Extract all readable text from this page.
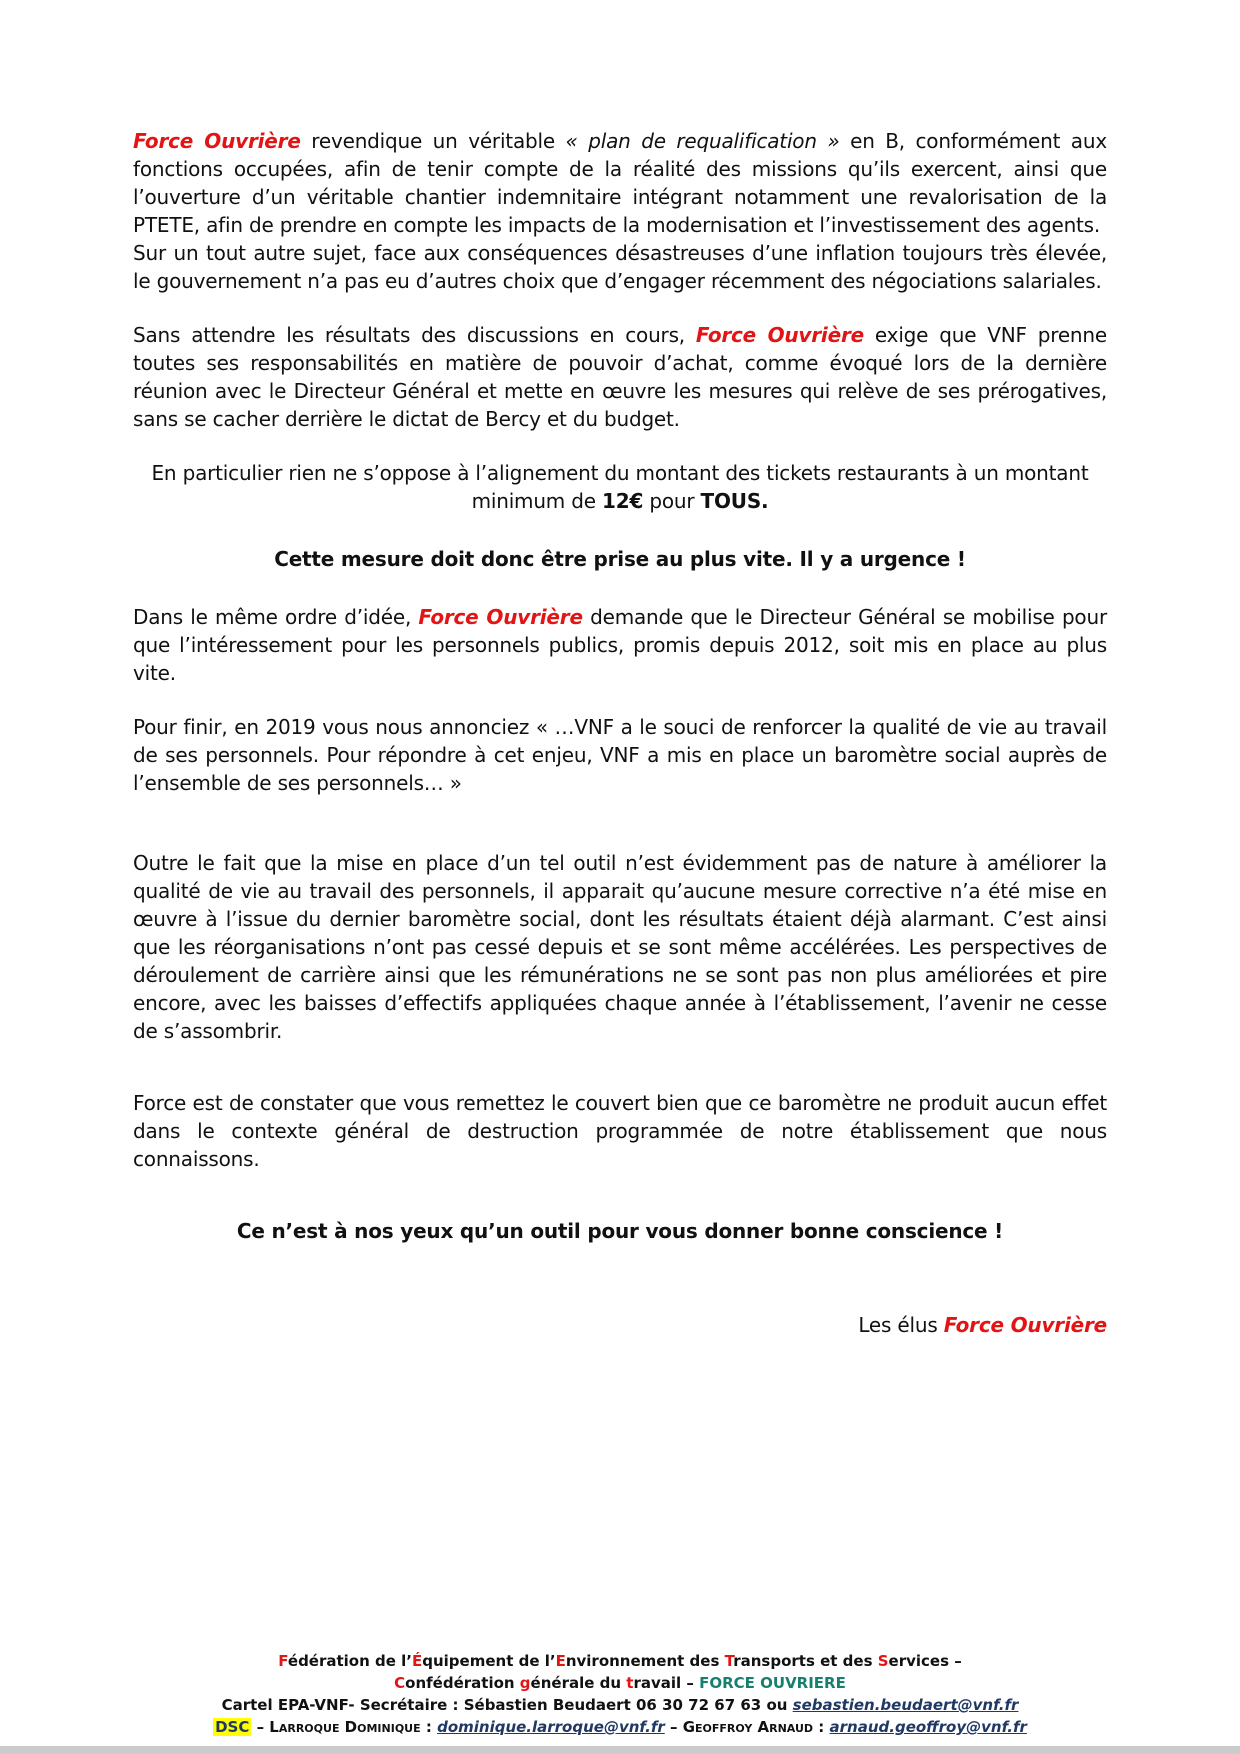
Force Ouvrière revendique un véritable « plan de requalification » en B, conformément aux fonctions occupées, afin de tenir compte de la réalité des missions qu’ils exercent, ainsi que l’ouverture d’un véritable chantier indemnitaire intégrant notamment une revalorisation de la PTETE, afin de prendre en compte les impacts de la modernisation et l’investissement des agents.

Sur un tout autre sujet, face aux conséquences désastreuses d’une inflation toujours très élevée, le gouvernement n’a pas eu d’autres choix que d’engager récemment des négociations salariales.

Sans attendre les résultats des discussions en cours, Force Ouvrière exige que VNF prenne toutes ses responsabilités en matière de pouvoir d’achat, comme évoqué lors de la dernière réunion avec le Directeur Général et mette en œuvre les mesures qui relève de ses prérogatives, sans se cacher derrière le dictat de Bercy et du budget.

En particulier rien ne s’oppose à l’alignement du montant des tickets restaurants à un montant minimum de 12€ pour TOUS.

Cette mesure doit donc être prise au plus vite. Il y a urgence !

Dans le même ordre d’idée, Force Ouvrière demande que le Directeur Général se mobilise pour que l’intéressement pour les personnels publics, promis depuis 2012, soit mis en place au plus vite.

Pour finir, en 2019 vous nous annonciez « …VNF a le souci de renforcer la qualité de vie au travail de ses personnels. Pour répondre à cet enjeu, VNF a mis en place un baromètre social auprès de l’ensemble de ses personnels… »

Outre le fait que la mise en place d’un tel outil n’est évidemment pas de nature à améliorer la qualité de vie au travail des personnels, il apparait qu’aucune mesure corrective n’a été mise en œuvre à l’issue du dernier baromètre social, dont les résultats étaient déjà alarmant. C’est ainsi que les réorganisations n’ont pas cessé depuis et se sont même accélérées. Les perspectives de déroulement de carrière ainsi que les rémunérations ne se sont pas non plus améliorées et pire encore, avec les baisses d’effectifs appliquées chaque année à l’établissement, l’avenir ne cesse de s’assombrir.

Force est de constater que vous remettez le couvert bien que ce baromètre ne produit aucun effet dans le contexte général de destruction programmée de notre établissement que nous connaissons.

Ce n’est à nos yeux qu’un outil pour vous donner bonne conscience !

Les élus Force Ouvrière

Fédération de l’Équipement de l’Environnement des Transports et des Services –
Confédération générale du travail – FORCE OUVRIERE
Cartel EPA-VNF- Secrétaire : Sébastien Beudaert 06 30 72 67 63 ou sebastien.beudaert@vnf.fr
DSC – Larroque Dominique : dominique.larroque@vnf.fr – Geoffroy Arnaud : arnaud.geoffroy@vnf.fr
